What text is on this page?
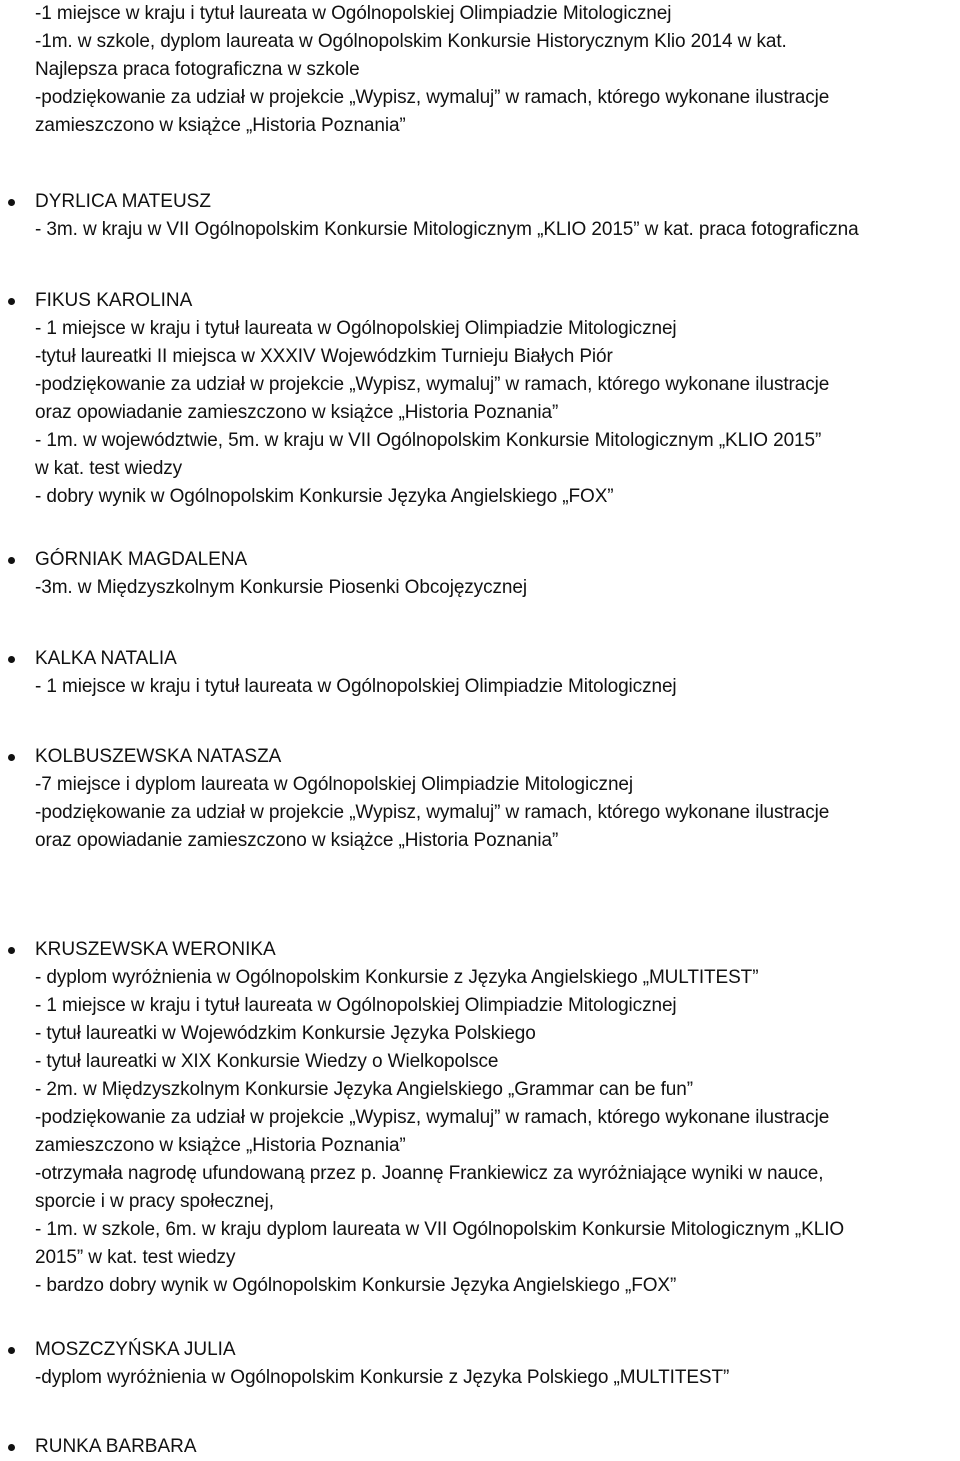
-1 miejsce w kraju i tytuł laureata w Ogólnopolskiej Olimpiadzie Mitologicznej
-1m. w szkole, dyplom laureata w Ogólnopolskim Konkursie Historycznym Klio 2014 w kat.
Najlepsza praca fotograficzna w szkole
-podziękowanie za udział w projekcie „Wypisz, wymaluj” w ramach, którego wykonane ilustracje
zamieszczono w książce „Historia Poznania”
DYRLICA MATEUSZ
- 3m. w kraju w VII Ogólnopolskim Konkursie Mitologicznym „KLIO 2015” w kat. praca fotograficzna
FIKUS KAROLINA
- 1 miejsce w kraju i tytuł laureata w Ogólnopolskiej Olimpiadzie Mitologicznej
-tytuł laureatki II miejsca w XXXIV Wojewódzkim Turnieju Białych Piór
-podziękowanie za udział w projekcie „Wypisz, wymaluj” w ramach, którego wykonane ilustracje
oraz opowiadanie zamieszczono w książce „Historia Poznania”
- 1m. w województwie, 5m. w kraju w VII Ogólnopolskim Konkursie Mitologicznym „KLIO 2015”
w kat. test wiedzy
- dobry wynik w Ogólnopolskim Konkursie Języka Angielskiego „FOX”
GÓRNIAK MAGDALENA
-3m. w Międzyszkolnym Konkursie Piosenki Obcojęzycznej
KALKA NATALIA
- 1 miejsce w kraju i tytuł laureata w Ogólnopolskiej Olimpiadzie Mitologicznej
KOLBUSZEWSKA NATASZA
-7 miejsce i dyplom laureata w Ogólnopolskiej Olimpiadzie Mitologicznej
-podziękowanie za udział w projekcie „Wypisz, wymaluj” w ramach, którego wykonane ilustracje
oraz opowiadanie zamieszczono w książce „Historia Poznania”
KRUSZEWSKA WERONIKA
- dyplom wyróżnienia w Ogólnopolskim Konkursie z Języka Angielskiego „MULTITEST”
- 1 miejsce w kraju i tytuł laureata w Ogólnopolskiej Olimpiadzie Mitologicznej
- tytuł laureatki w Wojewódzkim Konkursie Języka Polskiego
- tytuł laureatki w XIX Konkursie Wiedzy o Wielkopolsce
- 2m. w Międzyszkolnym Konkursie Języka Angielskiego „Grammar can be fun”
-podziękowanie za udział w projekcie „Wypisz, wymaluj” w ramach, którego wykonane ilustracje
zamieszczono w książce „Historia Poznania”
-otrzymała nagrodę ufundowaną przez p. Joannę Frankiewicz za wyróżniające wyniki w nauce,
sporcie i w pracy społecznej,
- 1m. w szkole, 6m. w kraju dyplom laureata w VII Ogólnopolskim Konkursie Mitologicznym „KLIO
2015” w kat. test wiedzy
- bardzo dobry wynik w Ogólnopolskim Konkursie Języka Angielskiego „FOX”
MOSZCZYŃSKA JULIA
-dyplom wyróżnienia w Ogólnopolskim Konkursie z Języka Polskiego „MULTITEST”
RUNKA BARBARA
